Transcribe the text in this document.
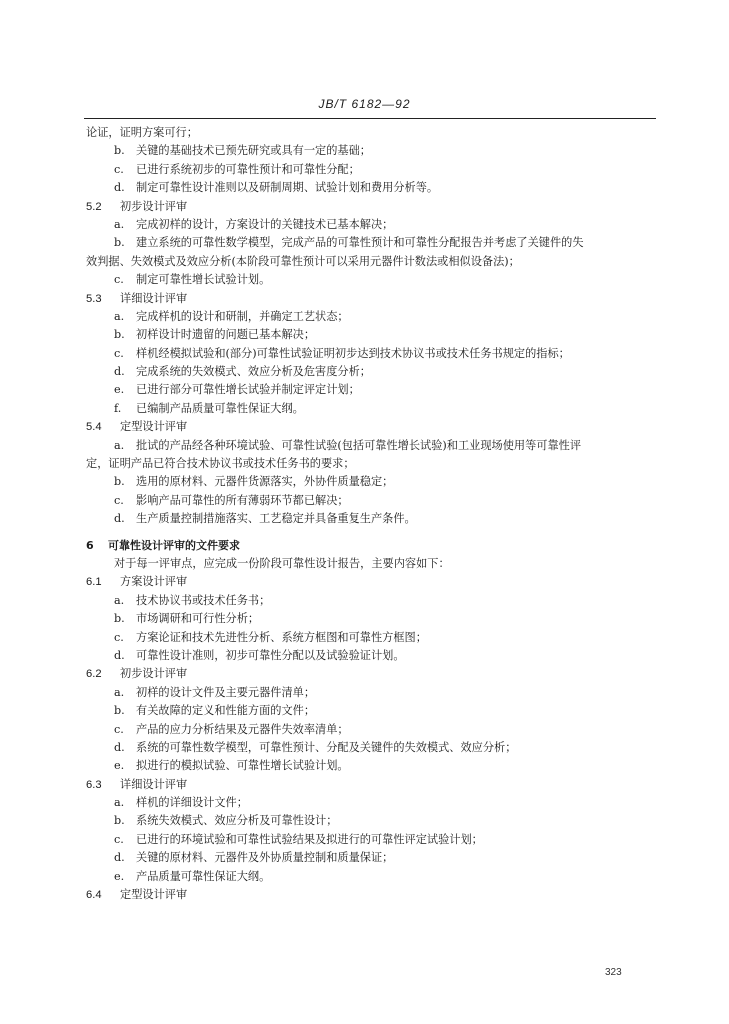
JB/T 6182—92
论证，证明方案可行；
b. 关键的基础技术已预先研究或具有一定的基础；
c. 已进行系统初步的可靠性预计和可靠性分配；
d. 制定可靠性设计准则以及研制周期、试验计划和费用分析等。
5.2 初步设计评审
a. 完成初样的设计，方案设计的关键技术已基本解决；
b. 建立系统的可靠性数学模型，完成产品的可靠性预计和可靠性分配报告并考虑了关键件的失
效判据、失效模式及效应分析(本阶段可靠性预计可以采用元器件计数法或相似设备法)；
c. 制定可靠性增长试验计划。
5.3 详细设计评审
a. 完成样机的设计和研制，并确定工艺状态；
b. 初样设计时遗留的问题已基本解决；
c. 样机经模拟试验和(部分)可靠性试验证明初步达到技术协议书或技术任务书规定的指标；
d. 完成系统的失效模式、效应分析及危害度分析；
e. 已进行部分可靠性增长试验并制定评定计划；
f. 已编制产品质量可靠性保证大纲。
5.4 定型设计评审
a. 批试的产品经各种环境试验、可靠性试验(包括可靠性增长试验)和工业现场使用等可靠性评
定，证明产品已符合技术协议书或技术任务书的要求；
b. 选用的原材料、元器件货源落实，外协件质量稳定；
c. 影响产品可靠性的所有薄弱环节都已解决；
d. 生产质量控制措施落实、工艺稳定并具备重复生产条件。
6 可靠性设计评审的文件要求
对于每一评审点，应完成一份阶段可靠性设计报告，主要内容如下：
6.1 方案设计评审
a. 技术协议书或技术任务书；
b. 市场调研和可行性分析；
c. 方案论证和技术先进性分析、系统方框图和可靠性方框图；
d. 可靠性设计准则，初步可靠性分配以及试验验证计划。
6.2 初步设计评审
a. 初样的设计文件及主要元器件清单；
b. 有关故障的定义和性能方面的文件；
c. 产品的应力分析结果及元器件失效率清单；
d. 系统的可靠性数学模型，可靠性预计、分配及关键件的失效模式、效应分析；
e. 拟进行的模拟试验、可靠性增长试验计划。
6.3 详细设计评审
a. 样机的详细设计文件；
b. 系统失效模式、效应分析及可靠性设计；
c. 已进行的环境试验和可靠性试验结果及拟进行的可靠性评定试验计划；
d. 关键的原材料、元器件及外协质量控制和质量保证；
e. 产品质量可靠性保证大纲。
6.4 定型设计评审
323
